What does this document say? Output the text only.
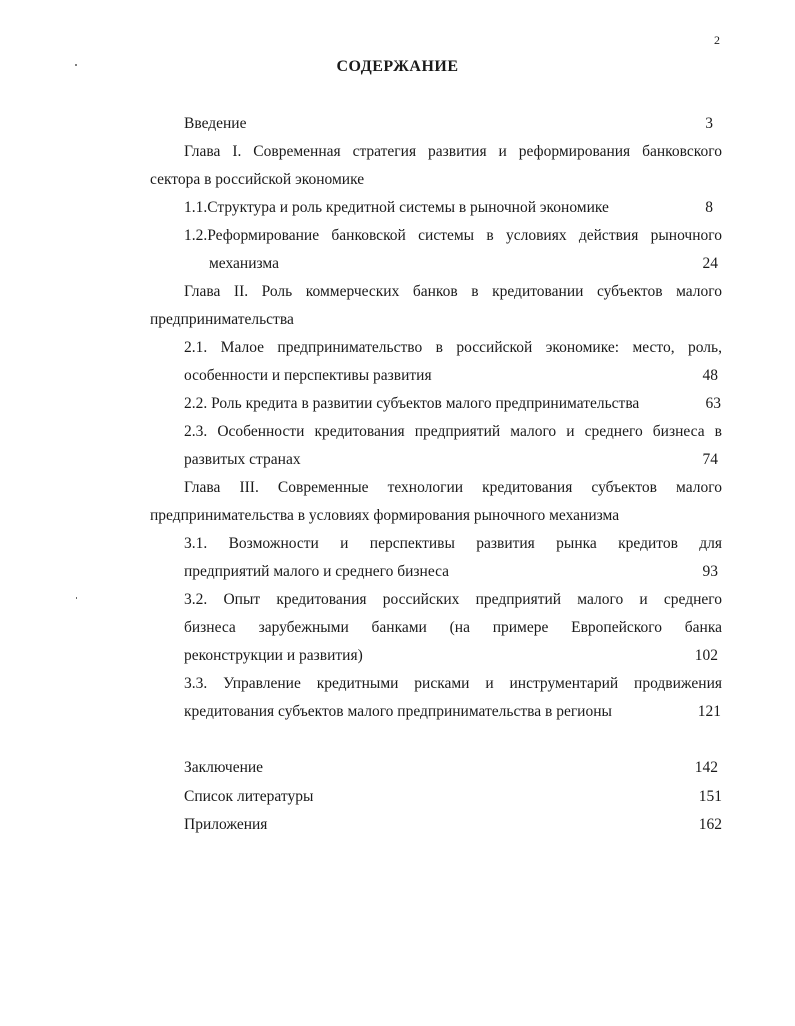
2
СОДЕРЖАНИЕ
Введение	3
Глава I. Современная стратегия развития и реформирования банковского
сектора в российской экономике
1.1.Структура и роль кредитной системы в рыночной экономике	8
1.2.Реформирование банковской системы в условиях действия рыночного
механизма	24
Глава II. Роль коммерческих банков в кредитовании субъектов малого
предпринимательства
2.1. Малое предпринимательство в российской экономике: место, роль,
особенности и перспективы развития	48
2.2. Роль кредита в развитии субъектов малого предпринимательства	63
2.3. Особенности кредитования предприятий малого и среднего бизнеса в
развитых странах	74
Глава III. Современные технологии кредитования субъектов малого
предпринимательства в условиях формирования рыночного механизма
3.1. Возможности и перспективы развития рынка кредитов для
предприятий малого и среднего бизнеса	93
3.2. Опыт кредитования российских предприятий малого и среднего
бизнеса зарубежными банками (на примере Европейского банка
реконструкции и развития)	102
3.3. Управление кредитными рисками и инструментарий продвижения
кредитования субъектов малого предпринимательства в регионы	121
Заключение	142
Список литературы	151
Приложения	162
